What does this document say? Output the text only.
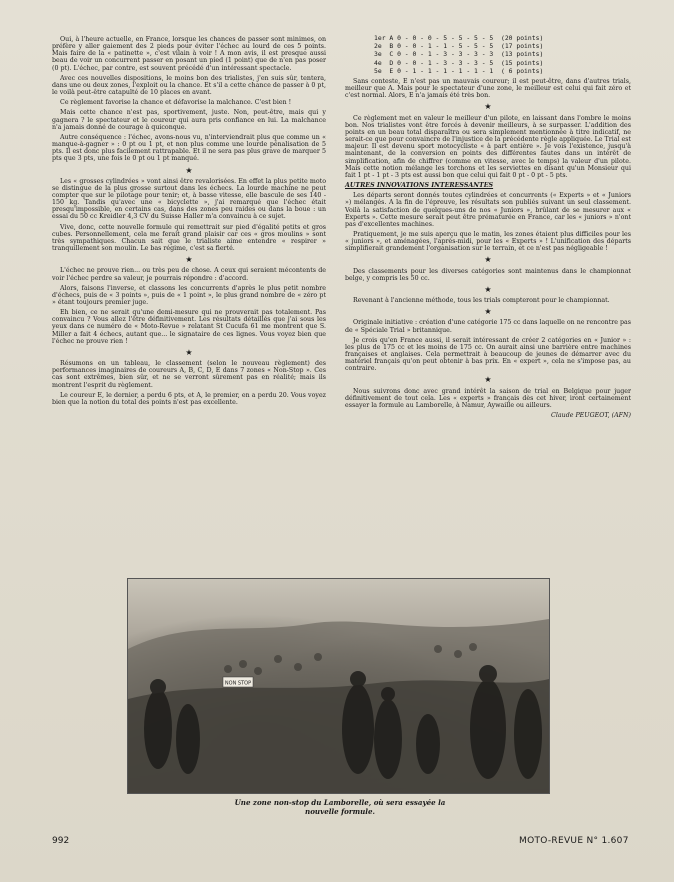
Oui, à l'heure actuelle, en France, lorsque les chances de passer sont minimes, on préfère y aller gaiement des 2 pieds pour éviter l'échec au lourd de ces 5 points. Mais faire de la « patinette », c'est vilain à voir ! A mon avis, il est presque aussi beau de voir un concurrent passer en posant un pied (1 point) que de n'en pas poser (0 pt). L'échec, par contre, est souvent précédé d'un intéressant spectacle.

Avec ces nouvelles dispositions, le moins bon des trialistes, j'en suis sûr, tentera, dans une ou deux zones, l'exploit ou la chance. Et s'il a cette chance de passer à 0 pt, le voilà peut-être catapulté de 10 places en avant.

Ce règlement favorise la chance et défavorise la malchance. C'est bien !

Mais cette chance n'est pas, sportivement, juste. Non, peut-être, mais qui y gagnera ? le spectateur et le coureur qui aura pris confiance en lui. La malchance n'a jamais donné de courage à quiconque.

Autre conséquence : l'échec, avons-nous vu, n'interviendrait plus que comme un « manque-à-gagner » : 0 pt ou 1 pt, et non plus comme une lourde pénalisation de 5 pts. Il est donc plus facilement rattrapable. Et il ne sera pas plus grave de marquer 5 pts que 3 pts, une fois le 0 pt ou 1 pt manqué.

★

Les « grosses cylindrées » vont ainsi être revalorisées. En effet la plus petite moto se distingue de la plus grosse surtout dans les échecs. La lourde machine ne peut compter que sur le pilotage pour tenir; et, à basse vitesse, elle bascule de ses 140 - 150 kg. Tandis qu'avec une « bicyclette », j'ai remarqué que l'échec était presqu'impossible, en certains cas, dans des zones peu raides ou dans la boue : un essai du 50 cc Kreidler 4,3 CV du Suisse Haller m'a convaincu à ce sujet.

Vive, donc, cette nouvelle formule qui remettrait sur pied d'égalité petits et gros cubes. Personnellement, cela me ferait grand plaisir car ces « gros moulins » sont très sympathiques. Chacun sait que le trialiste aime entendre « respirer » tranquillement son moulin. Le bas régime, c'est sa fierté.

★

L'échec ne prouve rien... ou très peu de chose. A ceux qui seraient mécontents de voir l'échec perdre sa valeur, je pourrais répondre : d'accord.

Alors, faisons l'inverse, et classons les concurrents d'après le plus petit nombre d'échecs, puis de « 3 points », puis de « 1 point », le plus grand nombre de « zéro pt » étant toujours premier juge.

Eh bien, ce ne serait qu'une demi-mesure qui ne prouverait pas totalement. Pas convaincu ? Vous allez l'être définitivement. Les résultats détaillés que j'ai sous les yeux dans ce numéro de « Moto-Revue » relatant St Cucufa 61 me montrent que S. Miller a fait 4 échecs, autant que... le signataire de ces lignes. Vous voyez bien que l'échec ne prouve rien !

★

Résumons en un tableau, le classement (selon le nouveau règlement) des performances imaginaires de coureurs A, B, C, D, E dans 7 zones « Non-Stop ». Ces cas sont extrêmes, bien sûr, et ne se verront sûrement pas en réalité; mais ils montrent l'esprit du règlement.

Le coureur E, le dernier, a perdu 6 pts, et A, le premier, en a perdu 20. Vous voyez bien que la notion du total des points n'est pas excellente.

1er A 0 - 0 - 0 - 5 - 5 - 5 - 5  (20 points)
2e  B 0 - 0 - 1 - 1 - 5 - 5 - 5  (17 points)
3e  C 0 - 0 - 1 - 3 - 3 - 3 - 3  (13 points)
4e  D 0 - 0 - 1 - 3 - 3 - 3 - 5  (15 points)
5e  E 0 - 1 - 1 - 1 - 1 - 1 - 1  ( 6 points)

Sans conteste, E n'est pas un mauvais coureur; il est peut-être, dans d'autres trials, meilleur que A. Mais pour le spectateur d'une zone, le meilleur est celui qui fait zéro et c'est normal. Alors, E n'a jamais été très bon.

★

Ce règlement met en valeur le meilleur d'un pilote, en laissant dans l'ombre le moins bon. Nos trialistes vont être forcés à devenir meilleurs, à se surpasser. L'addition des points en un beau total disparaîtra ou sera simplement mentionnée à titre indicatif, ne serait-ce que pour convaincre de l'injustice de la précédente règle appliquée. Le Trial est majeur. Il est devenu sport motocycliste « à part entière ». Je vois l'existence, jusqu'à maintenant, de la conversion en points des différentes fautes dans un intérêt de simplification, afin de chiffrer (comme en vitesse, avec le temps) la valeur d'un pilote. Mais cette notion mélange les torchons et les serviettes en disant qu'un Monsieur qui fait 1 pt - 1 pt - 3 pts est aussi bon que celui qui fait 0 pt - 0 pt - 5 pts.

AUTRES INNOVATIONS INTERESSANTES

Les départs seront donnés toutes cylindrées et concurrents (« Experts » et « Juniors ») mélangés. A la fin de l'épreuve, les résultats son publiés suivant un seul classement. Voilà la satisfaction de quelques-uns de nos « Juniors », brûlant de se mesurer aux « Experts ». Cette mesure serait peut être prématurée en France, car les « juniors » n'ont pas d'excellentes machines.

Pratiquement, je me suis aperçu que le matin, les zones étaient plus difficiles pour les « juniors », et aménagées, l'après-midi, pour les « Experts » ! L'unification des départs simplifierait grandement l'organisation sur le terrain, et ce n'est pas négligeable !

★

Des classements pour les diverses catégories sont maintenus dans le championnat belge, y compris les 50 cc.

★

Revenant à l'ancienne méthode, tous les trials compteront pour le championnat.

★

Originale initiative : création d'une catégorie 175 cc dans laquelle on ne rencontre pas de « Spéciale Trial » britannique.

Je crois qu'en France aussi, il serait intéressant de créer 2 catégories en « Junior » : les plus de 175 cc et les moins de 175 cc. On aurait ainsi une barrière entre machines françaises et anglaises. Cela permettrait à beaucoup de jeunes de démarrer avec du matériel français qu'on peut obtenir à bas prix. En « expert », cela ne s'impose pas, au contraire.

★

Nous suivrons donc avec grand intérêt la saison de trial en Belgique pour juger définitivement de tout cela. Les « experts » français dès cet hiver, iront certainement essayer la formule au Lamborelle, à Namur, Aywaille ou ailleurs.

Claude PEUGEOT, (AFN)
NON STOP
Une zone non-stop du Lamborelle, où sera essayée la
nouvelle formule.
992	MOTO-REVUE N° 1.607
